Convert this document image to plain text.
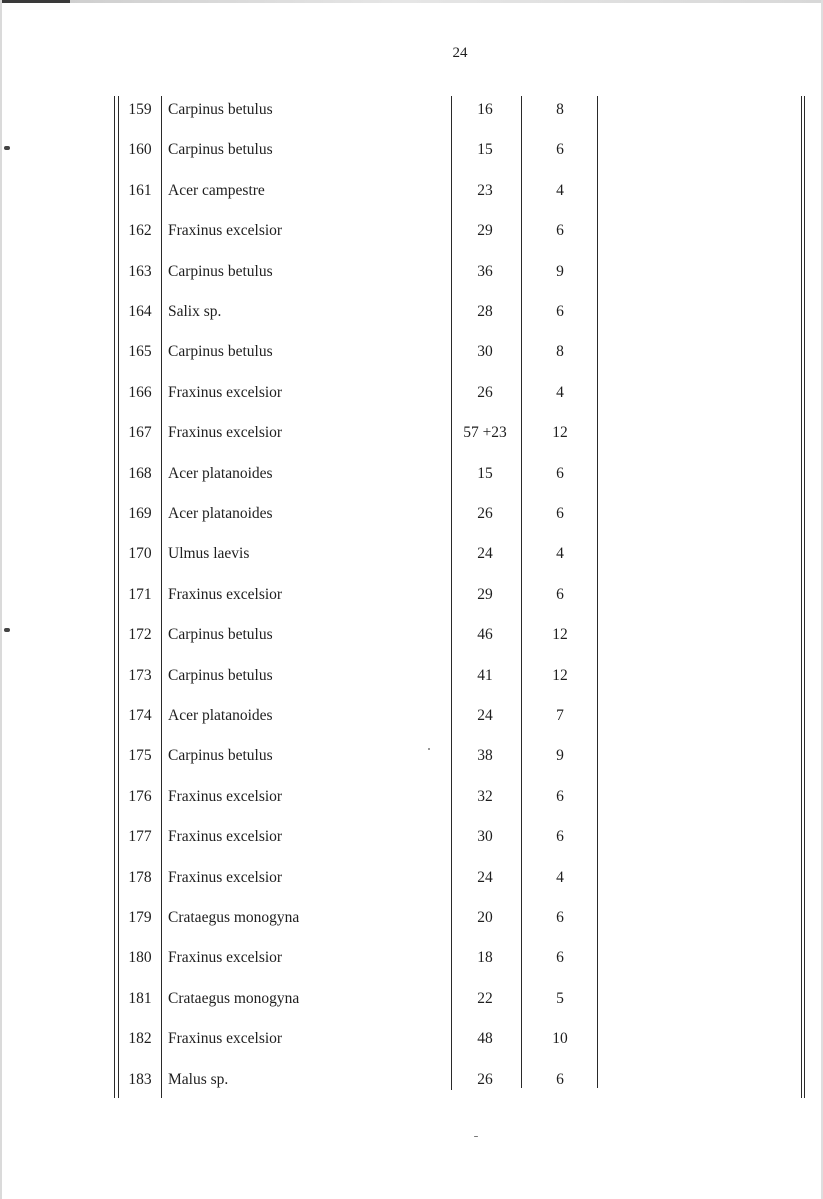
24
159	Carpinus betulus	16	8
160	Carpinus betulus	15	6
161	Acer campestre	23	4
162	Fraxinus excelsior	29	6
163	Carpinus betulus	36	9
164	Salix sp.	28	6
165	Carpinus betulus	30	8
166	Fraxinus excelsior	26	4
167	Fraxinus excelsior	57 +23	12
168	Acer platanoides	15	6
169	Acer platanoides	26	6
170	Ulmus laevis	24	4
171	Fraxinus excelsior	29	6
172	Carpinus betulus	46	12
173	Carpinus betulus	41	12
174	Acer platanoides	24	7
175	Carpinus betulus	38	9
176	Fraxinus excelsior	32	6
177	Fraxinus excelsior	30	6
178	Fraxinus excelsior	24	4
179	Crataegus monogyna	20	6
180	Fraxinus excelsior	18	6
181	Crataegus monogyna	22	5
182	Fraxinus excelsior	48	10
183	Malus sp.	26	6
